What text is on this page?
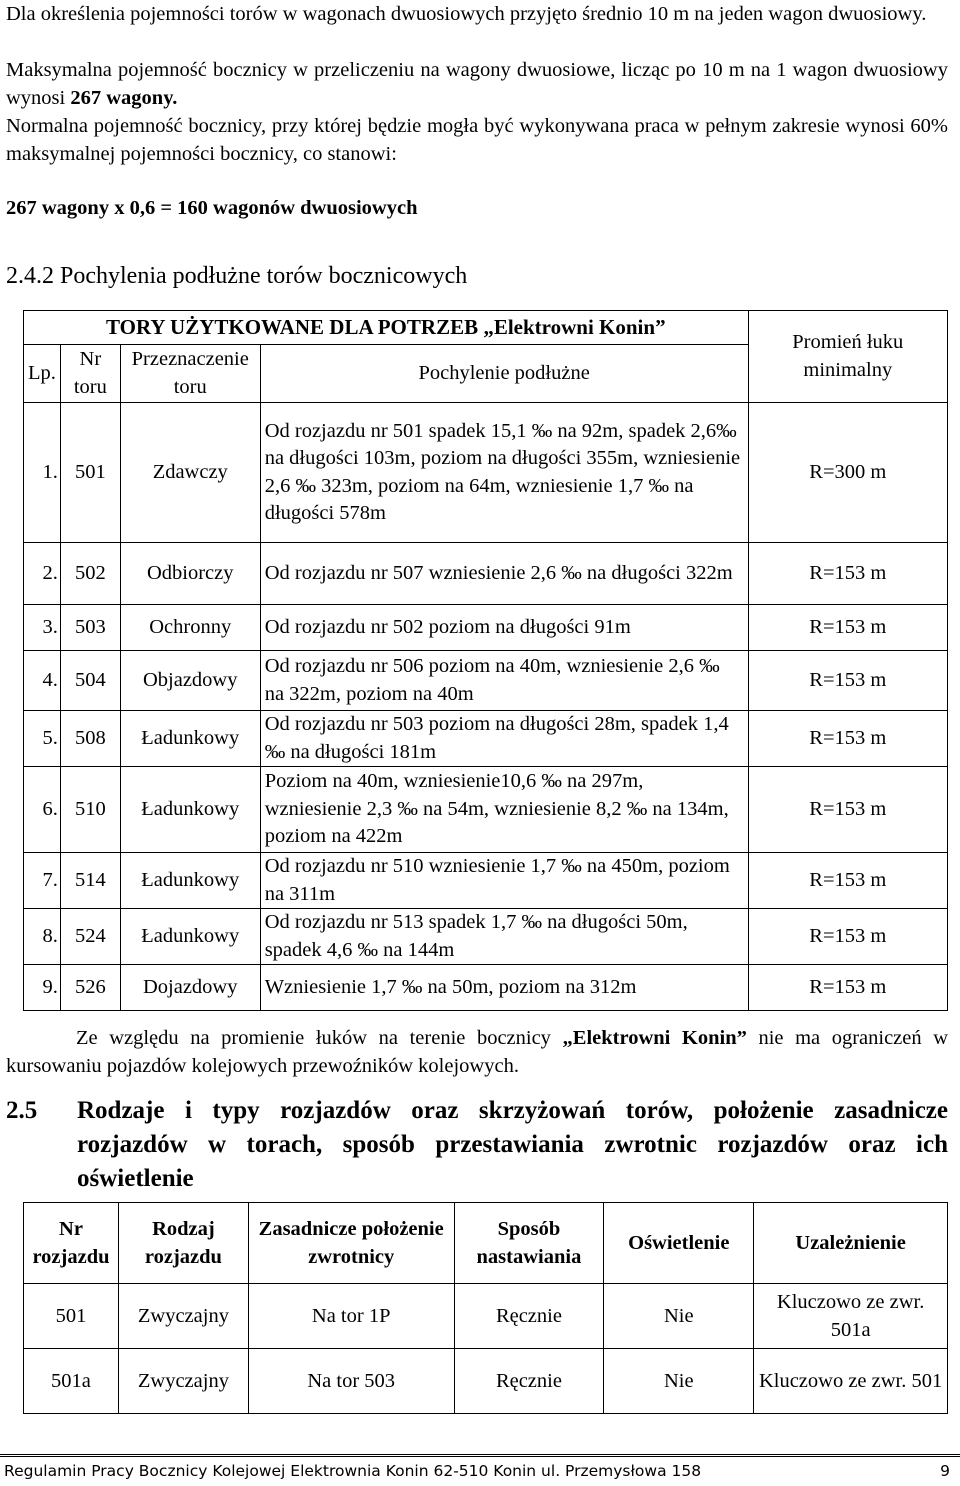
Dla określenia pojemności torów w wagonach dwuosiowych przyjęto średnio 10 m na jeden wagon dwuosiowy.
Maksymalna pojemność bocznicy w przeliczeniu na wagony dwuosiowe, licząc po 10 m na 1 wagon dwuosiowy wynosi 267 wagony.
Normalna pojemność bocznicy, przy której będzie mogła być wykonywana praca w pełnym zakresie wynosi 60% maksymalnej pojemności bocznicy, co stanowi:
267 wagony x 0,6 = 160 wagonów dwuosiowych
2.4.2 Pochylenia podłużne torów bocznicowych
TORY UŻYTKOWANE DLA POTRZEB „Elektrowni Konin”				Promień łuku minimalny
Lp.	Nr toru	Przeznaczenie toru	Pochylenie podłużne	
1.	501	Zdawczy	Od rozjazdu nr 501 spadek 15,1 ‰ na 92m, spadek 2,6‰ na długości 103m, poziom na długości 355m, wzniesienie 2,6 ‰ 323m, poziom na 64m, wzniesienie 1,7 ‰ na długości 578m	R=300 m
2.	502	Odbiorczy	Od rozjazdu nr 507 wzniesienie 2,6 ‰ na długości 322m	R=153 m
3.	503	Ochronny	Od rozjazdu nr 502 poziom na długości 91m	R=153 m
4.	504	Objazdowy	Od rozjazdu nr 506 poziom na 40m, wzniesienie 2,6 ‰ na 322m, poziom na 40m	R=153 m
5.	508	Ładunkowy	Od rozjazdu nr 503 poziom na długości 28m, spadek 1,4 ‰ na długości 181m	R=153 m
6.	510	Ładunkowy	Poziom na 40m, wzniesienie10,6 ‰ na 297m, wzniesienie 2,3 ‰ na 54m, wzniesienie 8,2 ‰ na 134m, poziom na 422m	R=153 m
7.	514	Ładunkowy	Od rozjazdu nr 510 wzniesienie 1,7 ‰ na 450m, poziom na 311m	R=153 m
8.	524	Ładunkowy	Od rozjazdu nr 513 spadek 1,7 ‰ na długości 50m, spadek 4,6 ‰ na 144m	R=153 m
9.	526	Dojazdowy	Wzniesienie 1,7 ‰ na 50m, poziom na 312m	R=153 m
Ze względu na promienie łuków na terenie bocznicy „Elektrowni Konin” nie ma ograniczeń w kursowaniu pojazdów kolejowych przewoźników kolejowych.
2.5 Rodzaje i typy rozjazdów oraz skrzyżowań torów, położenie zasadnicze rozjazdów w torach, sposób przestawiania zwrotnic rozjazdów oraz ich oświetlenie
Nr rozjazdu	Rodzaj rozjazdu	Zasadnicze położenie zwrotnicy	Sposób nastawiania	Oświetlenie	Uzależnienie
501	Zwyczajny	Na tor 1P	Ręcznie	Nie	Kluczowo ze zwr. 501a
501a	Zwyczajny	Na tor 503	Ręcznie	Nie	Kluczowo ze zwr. 501
Regulamin Pracy Bocznicy Kolejowej Elektrownia Konin 62-510 Konin ul. Przemysłowa 158	9
